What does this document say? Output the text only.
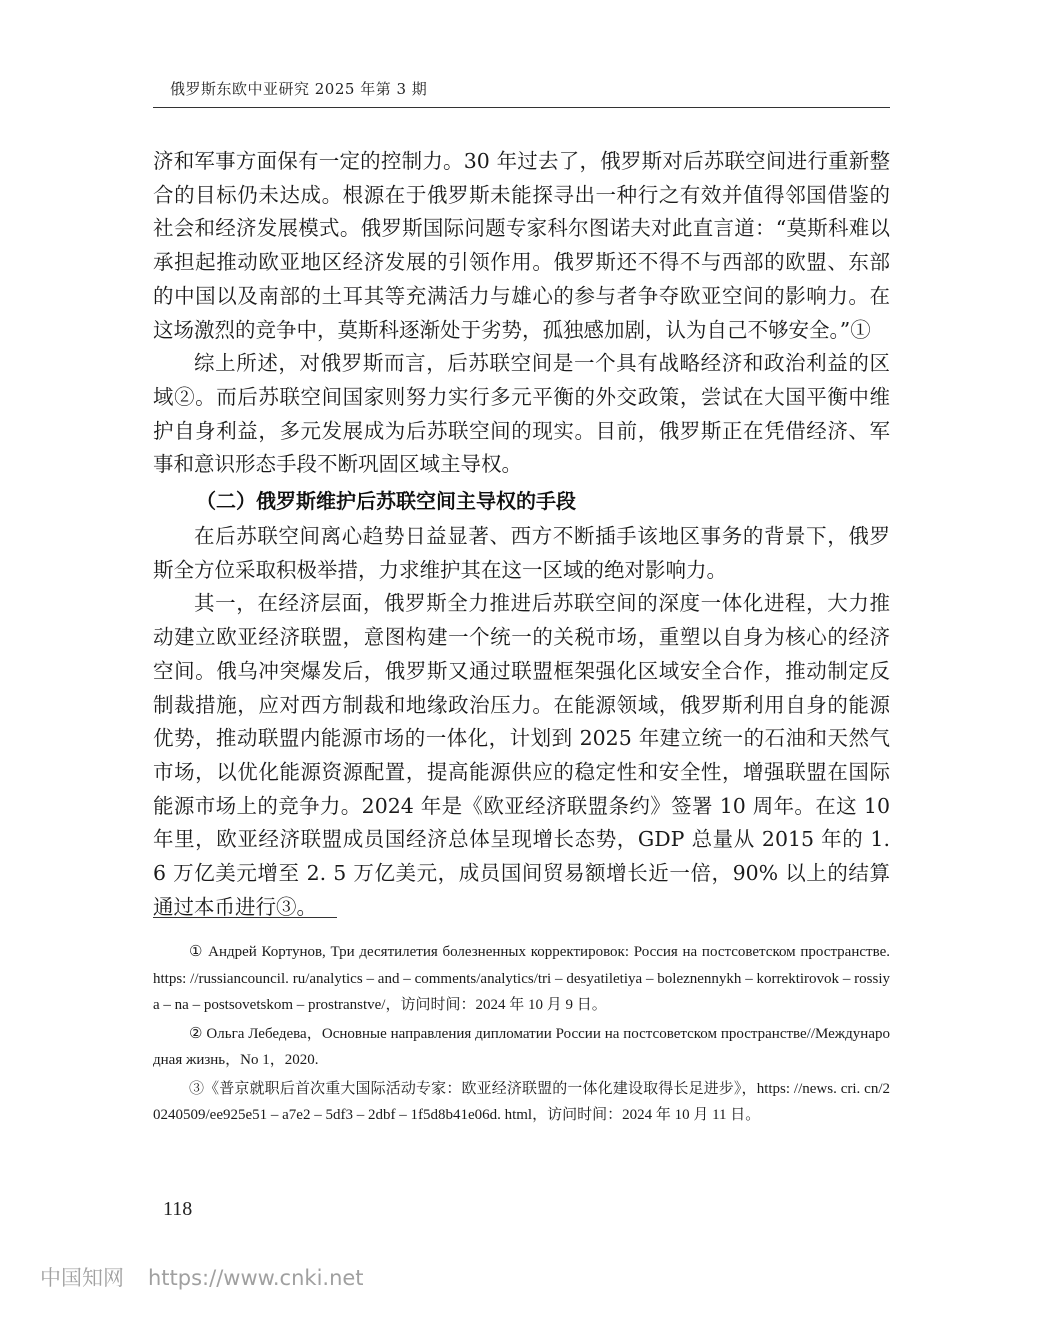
俄罗斯东欧中亚研究 2025 年第 3 期

济和军事方面保有一定的控制力。30 年过去了，俄罗斯对后苏联空间进行重新整合的目标仍未达成。根源在于俄罗斯未能探寻出一种行之有效并值得邻国借鉴的社会和经济发展模式。俄罗斯国际问题专家科尔图诺夫对此直言道：“莫斯科难以承担起推动欧亚地区经济发展的引领作用。俄罗斯还不得不与西部的欧盟、东部的中国以及南部的土耳其等充满活力与雄心的参与者争夺欧亚空间的影响力。在这场激烈的竞争中，莫斯科逐渐处于劣势，孤独感加剧，认为自己不够安全。”①

综上所述，对俄罗斯而言，后苏联空间是一个具有战略经济和政治利益的区域②。而后苏联空间国家则努力实行多元平衡的外交政策，尝试在大国平衡中维护自身利益，多元发展成为后苏联空间的现实。目前，俄罗斯正在凭借经济、军事和意识形态手段不断巩固区域主导权。

（二）俄罗斯维护后苏联空间主导权的手段

在后苏联空间离心趋势日益显著、西方不断插手该地区事务的背景下，俄罗斯全方位采取积极举措，力求维护其在这一区域的绝对影响力。

其一，在经济层面，俄罗斯全力推进后苏联空间的深度一体化进程，大力推动建立欧亚经济联盟，意图构建一个统一的关税市场，重塑以自身为核心的经济空间。俄乌冲突爆发后，俄罗斯又通过联盟框架强化区域安全合作，推动制定反制裁措施，应对西方制裁和地缘政治压力。在能源领域，俄罗斯利用自身的能源优势，推动联盟内能源市场的一体化，计划到 2025 年建立统一的石油和天然气市场，以优化能源资源配置，提高能源供应的稳定性和安全性，增强联盟在国际能源市场上的竞争力。2024 年是《欧亚经济联盟条约》签署 10 周年。在这 10 年里，欧亚经济联盟成员国经济总体呈现增长态势，GDP 总量从 2015 年的 1. 6 万亿美元增至 2. 5 万亿美元，成员国间贸易额增长近一倍，90% 以上的结算通过本币进行③。

① Андрей Кортунов, Три десятилетия болезненных корректировок: Россия на постсоветском пространстве. https: //russiancouncil. ru/analytics – and – comments/analytics/tri – desyatiletiya – boleznennykh – korrektirovok – rossiya – na – postsovetskom – prostranstve/，访问时间：2024 年 10 月 9 日。

② Ольга Лебедева，Основные направления дипломатии России на постсоветском пространстве//Международная жизнь，No 1，2020.

③《普京就职后首次重大国际活动专家：欧亚经济联盟的一体化建设取得长足进步》，https: //news. cri. cn/20240509/ee925e51 – a7e2 – 5df3 – 2dbf – 1f5d8b41e06d. html，访问时间：2024 年 10 月 11 日。

118
中国知网 https://www.cnki.net
